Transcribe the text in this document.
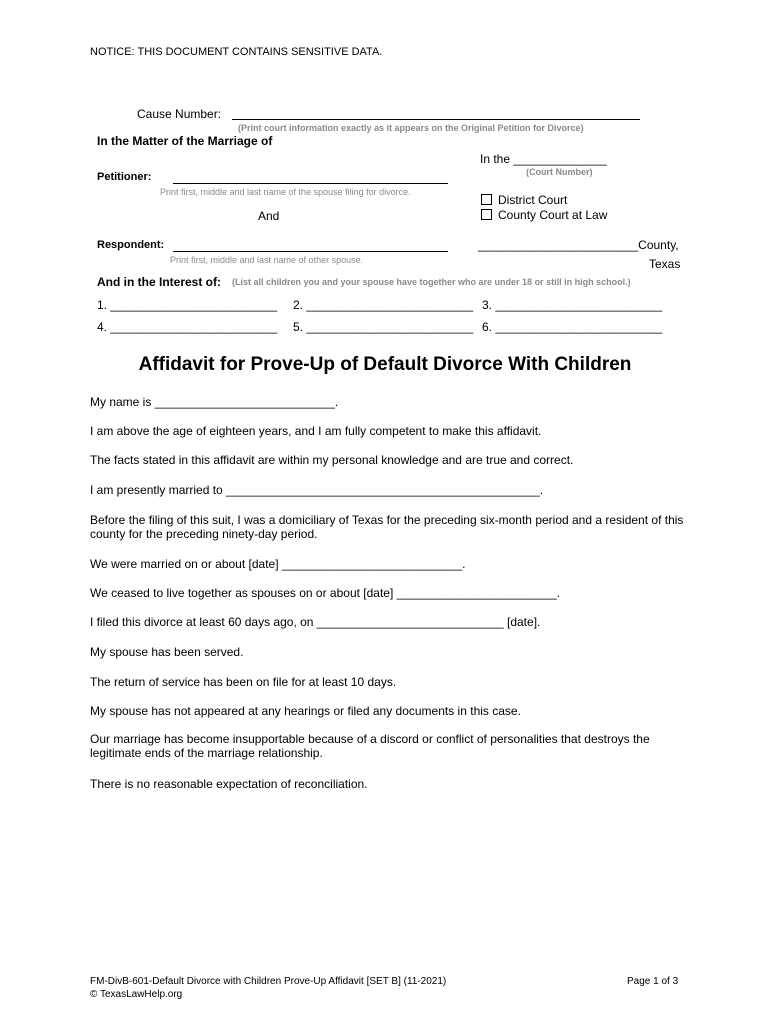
NOTICE: THIS DOCUMENT CONTAINS SENSITIVE DATA.
Cause Number:
(Print court information exactly as it appears on the Original Petition for Divorce)
In the Matter of the Marriage of
In the ______________
(Court Number)
Petitioner:
Print first, middle and last name of the spouse filing for divorce.
District Court
County Court at Law
And
Respondent:
Print first, middle and last name of other spouse.
________________________County,
Texas
And in the Interest of: (List all children you and your spouse have together who are under 18 or still in high school.)
1. _________________________ 2. _________________________ 3. _________________________
4. _________________________ 5. _________________________ 6. _________________________
Affidavit for Prove-Up of Default Divorce With Children
My name is ___________________________.
I am above the age of eighteen years, and I am fully competent to make this affidavit.
The facts stated in this affidavit are within my personal knowledge and are true and correct.
I am presently married to _______________________________________________.
Before the filing of this suit, I was a domiciliary of Texas for the preceding six-month period and a resident of this county for the preceding ninety-day period.
We were married on or about [date] ___________________________.
We ceased to live together as spouses on or about [date] ________________________.
I filed this divorce at least 60 days ago, on ____________________________ [date].
My spouse has been served.
The return of service has been on file for at least 10 days.
My spouse has not appeared at any hearings or filed any documents in this case.
Our marriage has become insupportable because of a discord or conflict of personalities that destroys the legitimate ends of the marriage relationship.
There is no reasonable expectation of reconciliation.
FM-DivB-601-Default Divorce with Children Prove-Up Affidavit [SET B] (11-2021)
© TexasLawHelp.org
Page 1 of 3
